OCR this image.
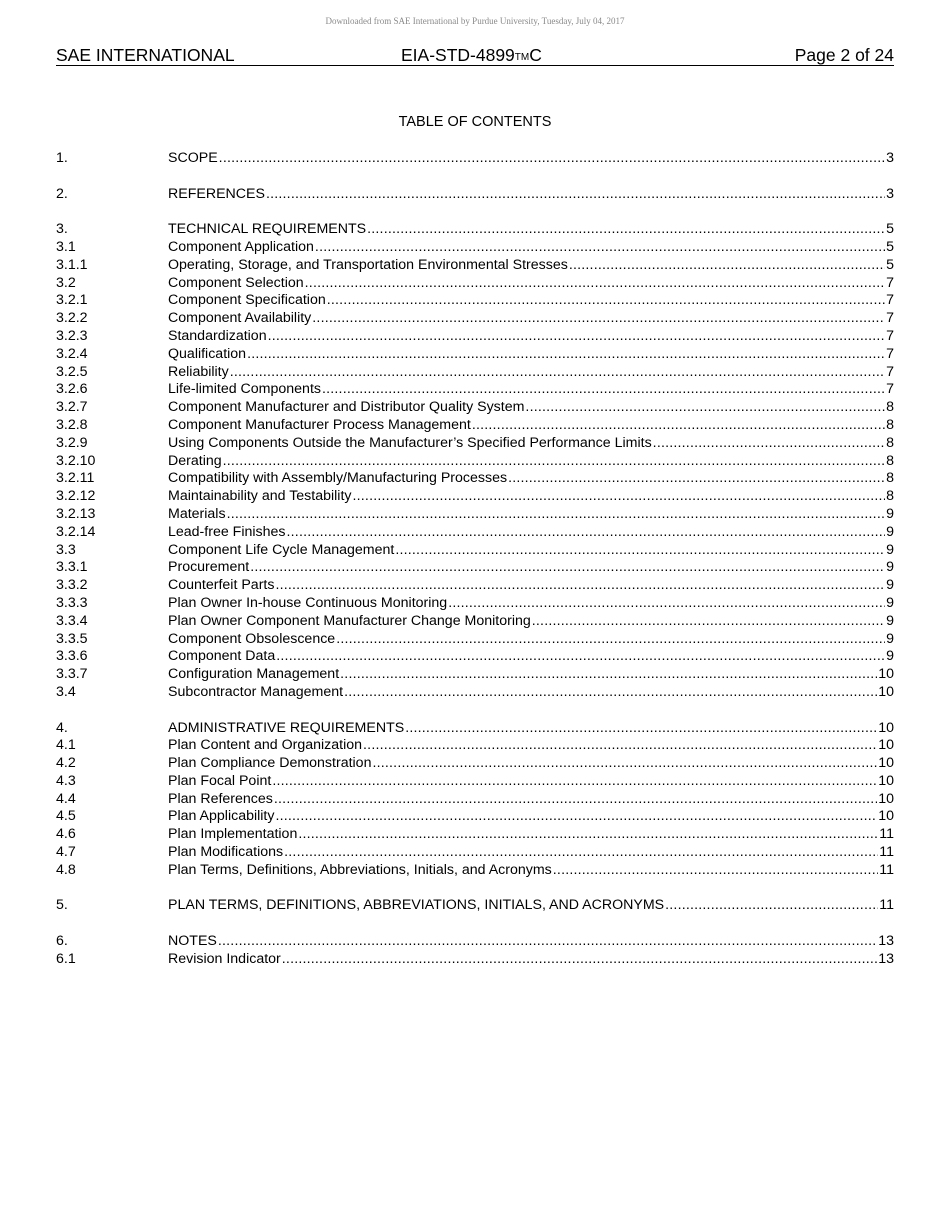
Downloaded from SAE International by Purdue University, Tuesday, July 04, 2017
SAE INTERNATIONAL	EIA-STD-4899TMC	Page 2 of 24
TABLE OF CONTENTS
1.	SCOPE .....	3
2.	REFERENCES .....	3
3.	TECHNICAL REQUIREMENTS .....	5
3.1	Component Application .....	5
3.1.1	Operating, Storage, and Transportation Environmental Stresses .....	5
3.2	Component Selection .....	7
3.2.1	Component Specification .....	7
3.2.2	Component Availability .....	7
3.2.3	Standardization .....	7
3.2.4	Qualification .....	7
3.2.5	Reliability .....	7
3.2.6	Life-limited Components .....	7
3.2.7	Component Manufacturer and Distributor Quality System .....	8
3.2.8	Component Manufacturer Process Management .....	8
3.2.9	Using Components Outside the Manufacturer’s Specified Performance Limits .....	8
3.2.10	Derating .....	8
3.2.11	Compatibility with Assembly/Manufacturing Processes .....	8
3.2.12	Maintainability and Testability .....	8
3.2.13	Materials .....	9
3.2.14	Lead-free Finishes .....	9
3.3	Component Life Cycle Management .....	9
3.3.1	Procurement .....	9
3.3.2	Counterfeit Parts .....	9
3.3.3	Plan Owner In-house Continuous Monitoring .....	9
3.3.4	Plan Owner Component Manufacturer Change Monitoring .....	9
3.3.5	Component Obsolescence .....	9
3.3.6	Component Data .....	9
3.3.7	Configuration Management .....	10
3.4	Subcontractor Management .....	10
4.	ADMINISTRATIVE REQUIREMENTS .....	10
4.1	Plan Content and Organization .....	10
4.2	Plan Compliance Demonstration .....	10
4.3	Plan Focal Point .....	10
4.4	Plan References .....	10
4.5	Plan Applicability .....	10
4.6	Plan Implementation .....	11
4.7	Plan Modifications .....	11
4.8	Plan Terms, Definitions, Abbreviations, Initials, and Acronyms .....	11
5.	PLAN TERMS, DEFINITIONS, ABBREVIATIONS, INITIALS, AND ACRONYMS .....	11
6.	NOTES .....	13
6.1	Revision Indicator .....	13
